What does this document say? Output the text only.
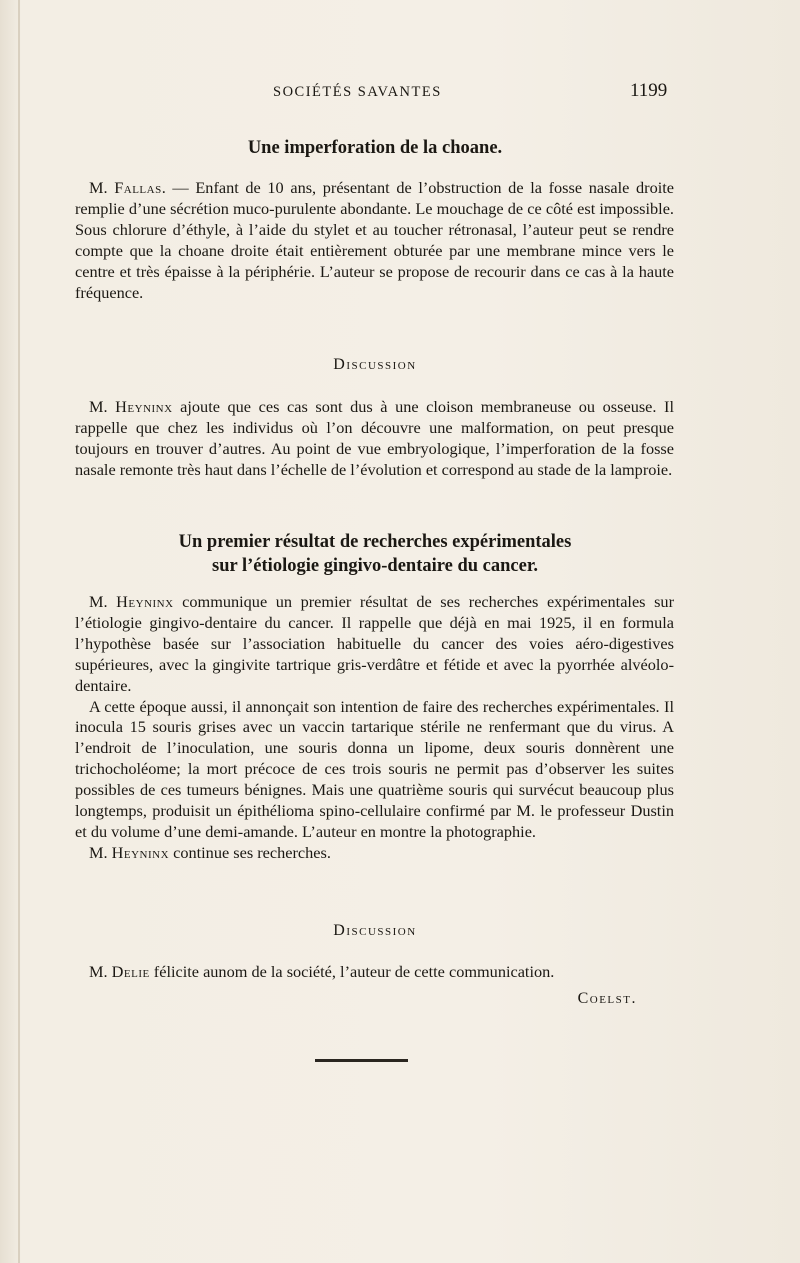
SOCIÉTÉS SAVANTES	1199
Une imperforation de la choane.

M. Fallas. — Enfant de 10 ans, présentant de l’obstruction de la fosse nasale droite remplie d’une sécrétion muco-purulente abondante. Le mouchage de ce côté est impossible. Sous chlorure d’éthyle, à l’aide du stylet et au toucher rétronasal, l’auteur peut se rendre compte que la choane droite était entièrement obturée par une membrane mince vers le centre et très épaisse à la périphérie. L’auteur se propose de recourir dans ce cas à la haute fréquence.

Discussion

M. Heyninx ajoute que ces cas sont dus à une cloison membraneuse ou osseuse. Il rappelle que chez les individus où l’on découvre une malformation, on peut presque toujours en trouver d’autres. Au point de vue embryologique, l’imperforation de la fosse nasale remonte très haut dans l’échelle de l’évolution et correspond au stade de la lamproie.

Un premier résultat de recherches expérimentales
sur l’étiologie gingivo-dentaire du cancer.

M. Heyninx communique un premier résultat de ses recherches expérimentales sur l’étiologie gingivo-dentaire du cancer. Il rappelle que déjà en mai 1925, il en formula l’hypothèse basée sur l’association habituelle du cancer des voies aéro-digestives supérieures, avec la gingivite tartrique gris-verdâtre et fétide et avec la pyorrhée alvéolo-dentaire.

A cette époque aussi, il annonçait son intention de faire des recherches expérimentales. Il inocula 15 souris grises avec un vaccin tartarique stérile ne renfermant que du virus. A l’endroit de l’inoculation, une souris donna un lipome, deux souris donnèrent une trichocholéome; la mort précoce de ces trois souris ne permit pas d’observer les suites possibles de ces tumeurs bénignes. Mais une quatrième souris qui survécut beaucoup plus longtemps, produisit un épithélioma spino-cellulaire confirmé par M. le professeur Dustin et du volume d’une demi-amande. L’auteur en montre la photographie.

M. Heyninx continue ses recherches.

Discussion

M. Delie félicite aunom de la société, l’auteur de cette communication.

Coelst.
